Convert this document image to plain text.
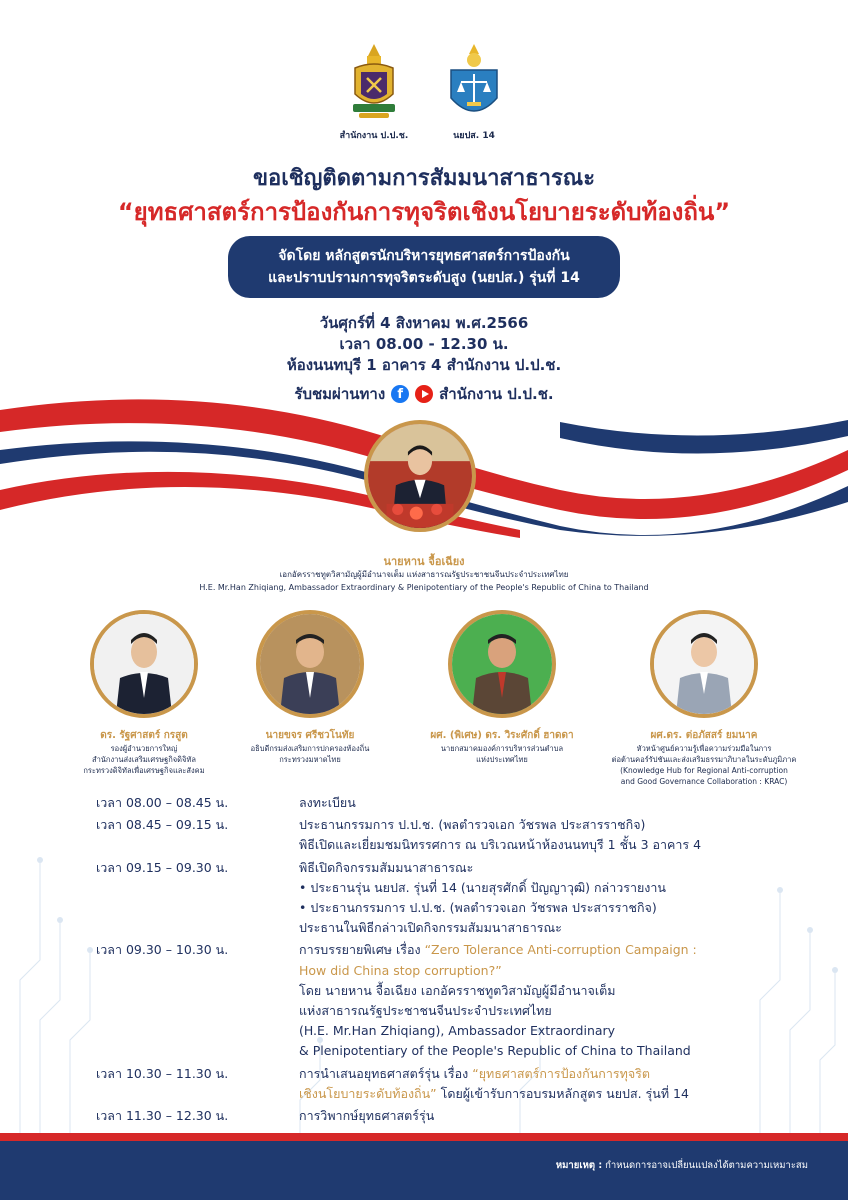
สำนักงาน ป.ป.ช.	นยปส. 14
ขอเชิญติดตามการสัมมนาสาธารณะ
“ยุทธศาสตร์การป้องกันการทุจริตเชิงนโยบายระดับท้องถิ่น”
จัดโดย หลักสูตรนักบริหารยุทธศาสตร์การป้องกัน
และปราบปรามการทุจริตระดับสูง (นยปส.) รุ่นที่ 14
วันศุกร์ที่ 4 สิงหาคม พ.ศ.2566
เวลา 08.00 - 12.30 น.
ห้องนนทบุรี 1 อาคาร 4 สำนักงาน ป.ป.ช.
รับชมผ่านทาง f	สำนักงาน ป.ป.ช.
นายหาน จื้อเฉียง
เอกอัครราชทูตวิสามัญผู้มีอำนาจเต็ม แห่งสาธารณรัฐประชาชนจีนประจำประเทศไทย
H.E. Mr.Han Zhiqiang, Ambassador Extraordinary & Plenipotentiary of the People's Republic of China to Thailand
ดร. รัฐศาสตร์ กรสูต
รองผู้อำนวยการใหญ่
สำนักงานส่งเสริมเศรษฐกิจดิจิทัล
กระทรวงดิจิทัลเพื่อเศรษฐกิจและสังคม
นายขจร ศรีชวโนทัย
อธิบดีกรมส่งเสริมการปกครองท้องถิ่น
กระทรวงมหาดไทย
ผศ. (พิเศษ) ดร. วิระศักดิ์ ฮาดดา
นายกสมาคมองค์การบริหารส่วนตำบล
แห่งประเทศไทย
ผศ.ดร. ต่อภัสสร์ ยมนาค
หัวหน้าศูนย์ความรู้เพื่อความร่วมมือในการ
ต่อต้านคอร์รัปชันและส่งเสริมธรรมาภิบาลในระดับภูมิภาค
(Knowledge Hub for Regional Anti-corruption
and Good Governance Collaboration : KRAC)
เวลา 08.00 – 08.45 น.	ลงทะเบียน
เวลา 08.45 – 09.15 น.	ประธานกรรมการ ป.ป.ช. (พลตำรวจเอก วัชรพล ประสารราชกิจ)
พิธีเปิดและเยี่ยมชมนิทรรศการ ณ บริเวณหน้าห้องนนทบุรี 1 ชั้น 3 อาคาร 4
เวลา 09.15 – 09.30 น.	พิธีเปิดกิจกรรมสัมมนาสาธารณะ
• ประธานรุ่น นยปส. รุ่นที่ 14 (นายสุรศักดิ์ ปัญญาวุฒิ) กล่าวรายงาน
• ประธานกรรมการ ป.ป.ช. (พลตำรวจเอก วัชรพล ประสารราชกิจ)
ประธานในพิธีกล่าวเปิดกิจกรรมสัมมนาสาธารณะ
เวลา 09.30 – 10.30 น.	การบรรยายพิเศษ เรื่อง “Zero Tolerance Anti-corruption Campaign :
How did China stop corruption?”
โดย นายหาน จื้อเฉียง เอกอัครราชทูตวิสามัญผู้มีอำนาจเต็ม
แห่งสาธารณรัฐประชาชนจีนประจำประเทศไทย
(H.E. Mr.Han Zhiqiang), Ambassador Extraordinary
& Plenipotentiary of the People's Republic of China to Thailand
เวลา 10.30 – 11.30 น.	การนำเสนอยุทธศาสตร์รุ่น เรื่อง “ยุทธศาสตร์การป้องกันการทุจริต
เชิงนโยบายระดับท้องถิ่น” โดยผู้เข้ารับการอบรมหลักสูตร นยปส. รุ่นที่ 14
เวลา 11.30 – 12.30 น.	การวิพากษ์ยุทธศาสตร์รุ่น
หมายเหตุ : กำหนดการอาจเปลี่ยนแปลงได้ตามความเหมาะสม
